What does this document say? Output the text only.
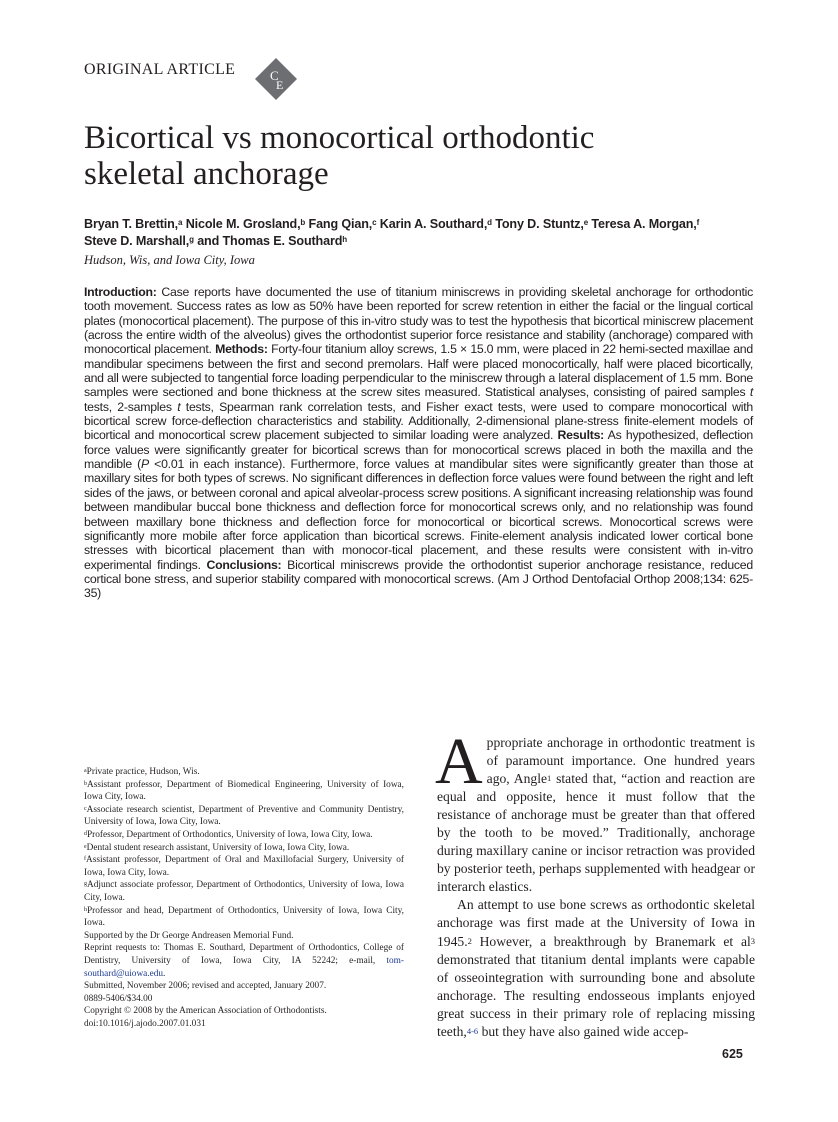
ORIGINAL ARTICLE	C
E
Bicortical vs monocortical orthodontic
skeletal anchorage
Bryan T. Brettin,$^a$ Nicole M. Grosland,$^b$ Fang Qian,$^c$ Karin A. Southard,$^d$ Tony D. Stuntz,$^e$ Teresa A. Morgan,$^f$
Steve D. Marshall,$^g$ and Thomas E. Southard$^h$
Hudson, Wis, and Iowa City, Iowa
Introduction: Case reports have documented the use of titanium miniscrews in providing skeletal anchorage for orthodontic tooth movement. Success rates as low as 50% have been reported for screw retention in either the facial or the lingual cortical plates (monocortical placement). The purpose of this in-vitro study was to test the hypothesis that bicortical miniscrew placement (across the entire width of the alveolus) gives the orthodontist superior force resistance and stability (anchorage) compared with monocortical placement. Methods: Forty-four titanium alloy screws, 1.5 × 15.0 mm, were placed in 22 hemi-sected maxillae and mandibular specimens between the first and second premolars. Half were placed monocortically, half were placed bicortically, and all were subjected to tangential force loading perpendicular to the miniscrew through a lateral displacement of 1.5 mm. Bone samples were sectioned and bone thickness at the screw sites measured. Statistical analyses, consisting of paired samples t tests, 2-samples t tests, Spearman rank correlation tests, and Fisher exact tests, were used to compare monocortical with bicortical screw force-deflection characteristics and stability. Additionally, 2-dimensional plane-stress finite-element models of bicortical and monocortical screw placement subjected to similar loading were analyzed. Results: As hypothesized, deflection force values were significantly greater for bicortical screws than for monocortical screws placed in both the maxilla and the mandible (P <0.01 in each instance). Furthermore, force values at mandibular sites were significantly greater than those at maxillary sites for both types of screws. No significant differences in deflection force values were found between the right and left sides of the jaws, or between coronal and apical alveolar-process screw positions. A significant increasing relationship was found between mandibular buccal bone thickness and deflection force for monocortical screws only, and no relationship was found between maxillary bone thickness and deflection force for monocortical or bicortical screws. Monocortical screws were significantly more mobile after force application than bicortical screws. Finite-element analysis indicated lower cortical bone stresses with bicortical placement than with monocor-tical placement, and these results were consistent with in-vitro experimental findings. Conclusions: Bicortical miniscrews provide the orthodontist superior anchorage resistance, reduced cortical bone stress, and superior stability compared with monocortical screws. (Am J Orthod Dentofacial Orthop 2008;134: 625-35)

$^a$Private practice, Hudson, Wis.

$^b$Assistant professor, Department of Biomedical Engineering, University of Iowa, Iowa City, Iowa.

$^c$Associate research scientist, Department of Preventive and Community Dentistry, University of Iowa, Iowa City, Iowa.

$^d$Professor, Department of Orthodontics, University of Iowa, Iowa City, Iowa.

$^e$Dental student research assistant, University of Iowa, Iowa City, Iowa.

$^f$Assistant professor, Department of Oral and Maxillofacial Surgery, University of Iowa, Iowa City, Iowa.

$^g$Adjunct associate professor, Department of Orthodontics, University of Iowa, Iowa City, Iowa.

$^h$Professor and head, Department of Orthodontics, University of Iowa, Iowa City, Iowa.

Supported by the Dr George Andreasen Memorial Fund.

Reprint requests to: Thomas E. Southard, Department of Orthodontics, College of Dentistry, University of Iowa, Iowa City, IA 52242; e-mail, tom-southard@uiowa.edu.

Submitted, November 2006; revised and accepted, January 2007.

0889-5406/$34.00

Copyright © 2008 by the American Association of Orthodontists.

doi:10.1016/j.ajodo.2007.01.031

Appropriate anchorage in orthodontic treatment is of paramount importance. One hundred years ago, Angle$^1$ stated that, “action and reaction are equal and opposite, hence it must follow that the resistance of anchorage must be greater than that offered by the tooth to be moved.” Traditionally, anchorage during maxillary canine or incisor retraction was provided by posterior teeth, perhaps supplemented with headgear or interarch elastics.

An attempt to use bone screws as orthodontic skeletal anchorage was first made at the University of Iowa in 1945.$^2$ However, a breakthrough by Branemark et $al^3$ demonstrated that titanium dental implants were capable of osseointegration with surrounding bone and absolute anchorage. The resulting endosseous implants enjoyed great success in their primary role of replacing missing teeth,$^{4-6}$ but they have also gained wide accep-

625
